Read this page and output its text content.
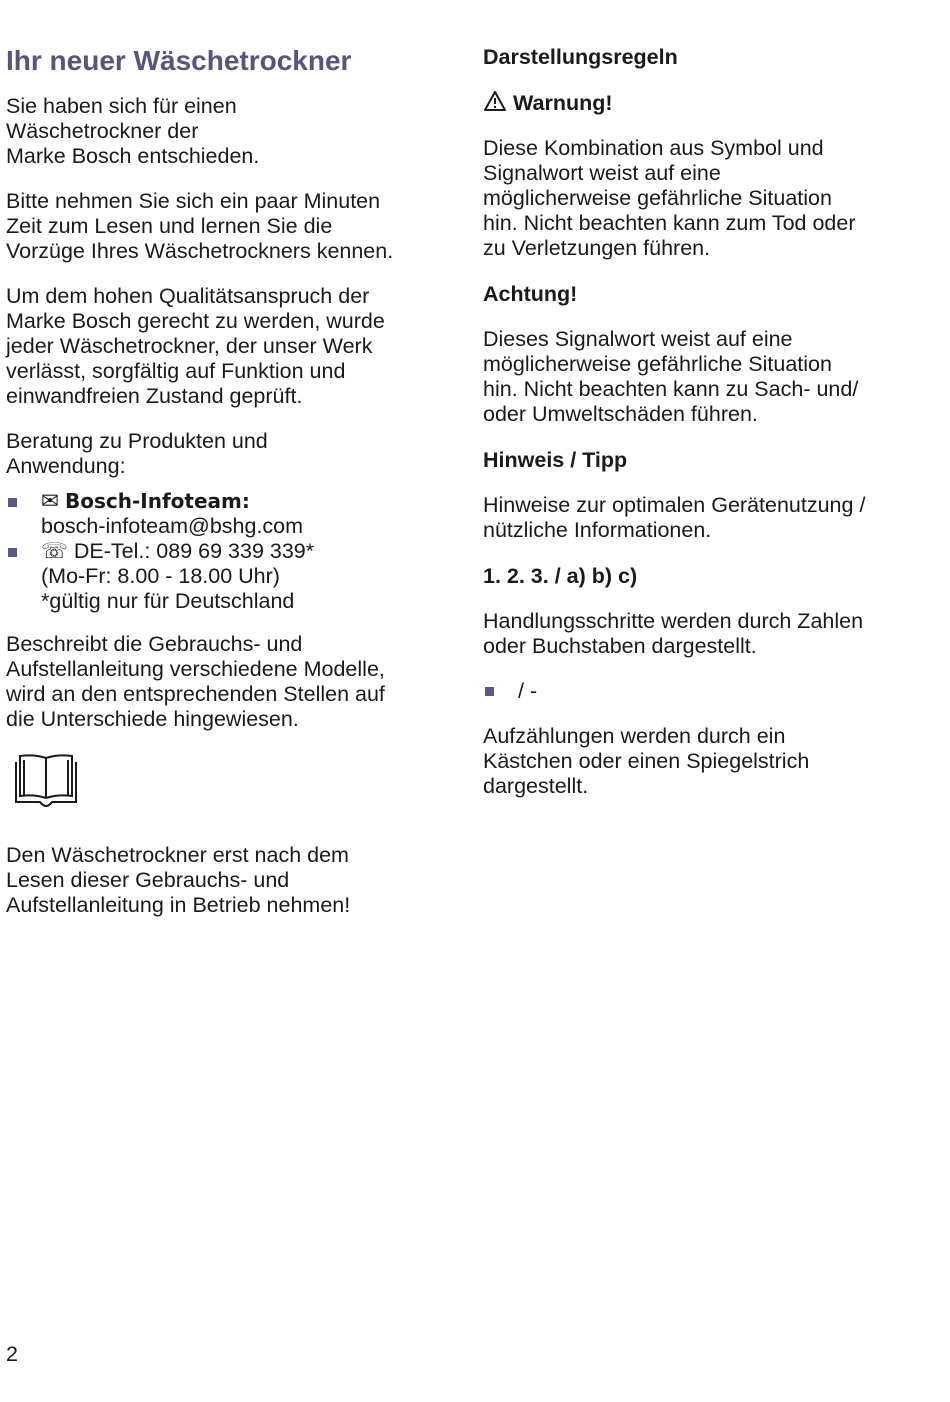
Ihr neuer Wäschetrockner

Sie haben sich für einen
Wäschetrockner der
Marke Bosch entschieden.

Bitte nehmen Sie sich ein paar Minuten
Zeit zum Lesen und lernen Sie die
Vorzüge Ihres Wäschetrockners kennen.

Um dem hohen Qualitätsanspruch der
Marke Bosch gerecht zu werden, wurde
jeder Wäschetrockner, der unser Werk
verlässt, sorgfältig auf Funktion und
einwandfreien Zustand geprüft.

Beratung zu Produkten und
Anwendung:

✉ Bosch-Infoteam:
bosch-infoteam@bshg.com
☏ DE-Tel.: 089 69 339 339*
(Mo-Fr: 8.00 - 18.00 Uhr)
*gültig nur für Deutschland

Beschreibt die Gebrauchs- und
Aufstellanleitung verschiedene Modelle,
wird an den entsprechenden Stellen auf
die Unterschiede hingewiesen.

Den Wäschetrockner erst nach dem
Lesen dieser Gebrauchs- und
Aufstellanleitung in Betrieb nehmen!

Darstellungsregeln
Warnung!

Diese Kombination aus Symbol und
Signalwort weist auf eine
möglicherweise gefährliche Situation
hin. Nicht beachten kann zum Tod oder
zu Verletzungen führen.

Achtung!

Dieses Signalwort weist auf eine
möglicherweise gefährliche Situation
hin. Nicht beachten kann zu Sach- und/
oder Umweltschäden führen.

Hinweis / Tipp

Hinweise zur optimalen Gerätenutzung /
nützliche Informationen.

1. 2. 3. / a) b) c)

Handlungsschritte werden durch Zahlen
oder Buchstaben dargestellt.

/ -

Aufzählungen werden durch ein
Kästchen oder einen Spiegelstrich
dargestellt.

2
